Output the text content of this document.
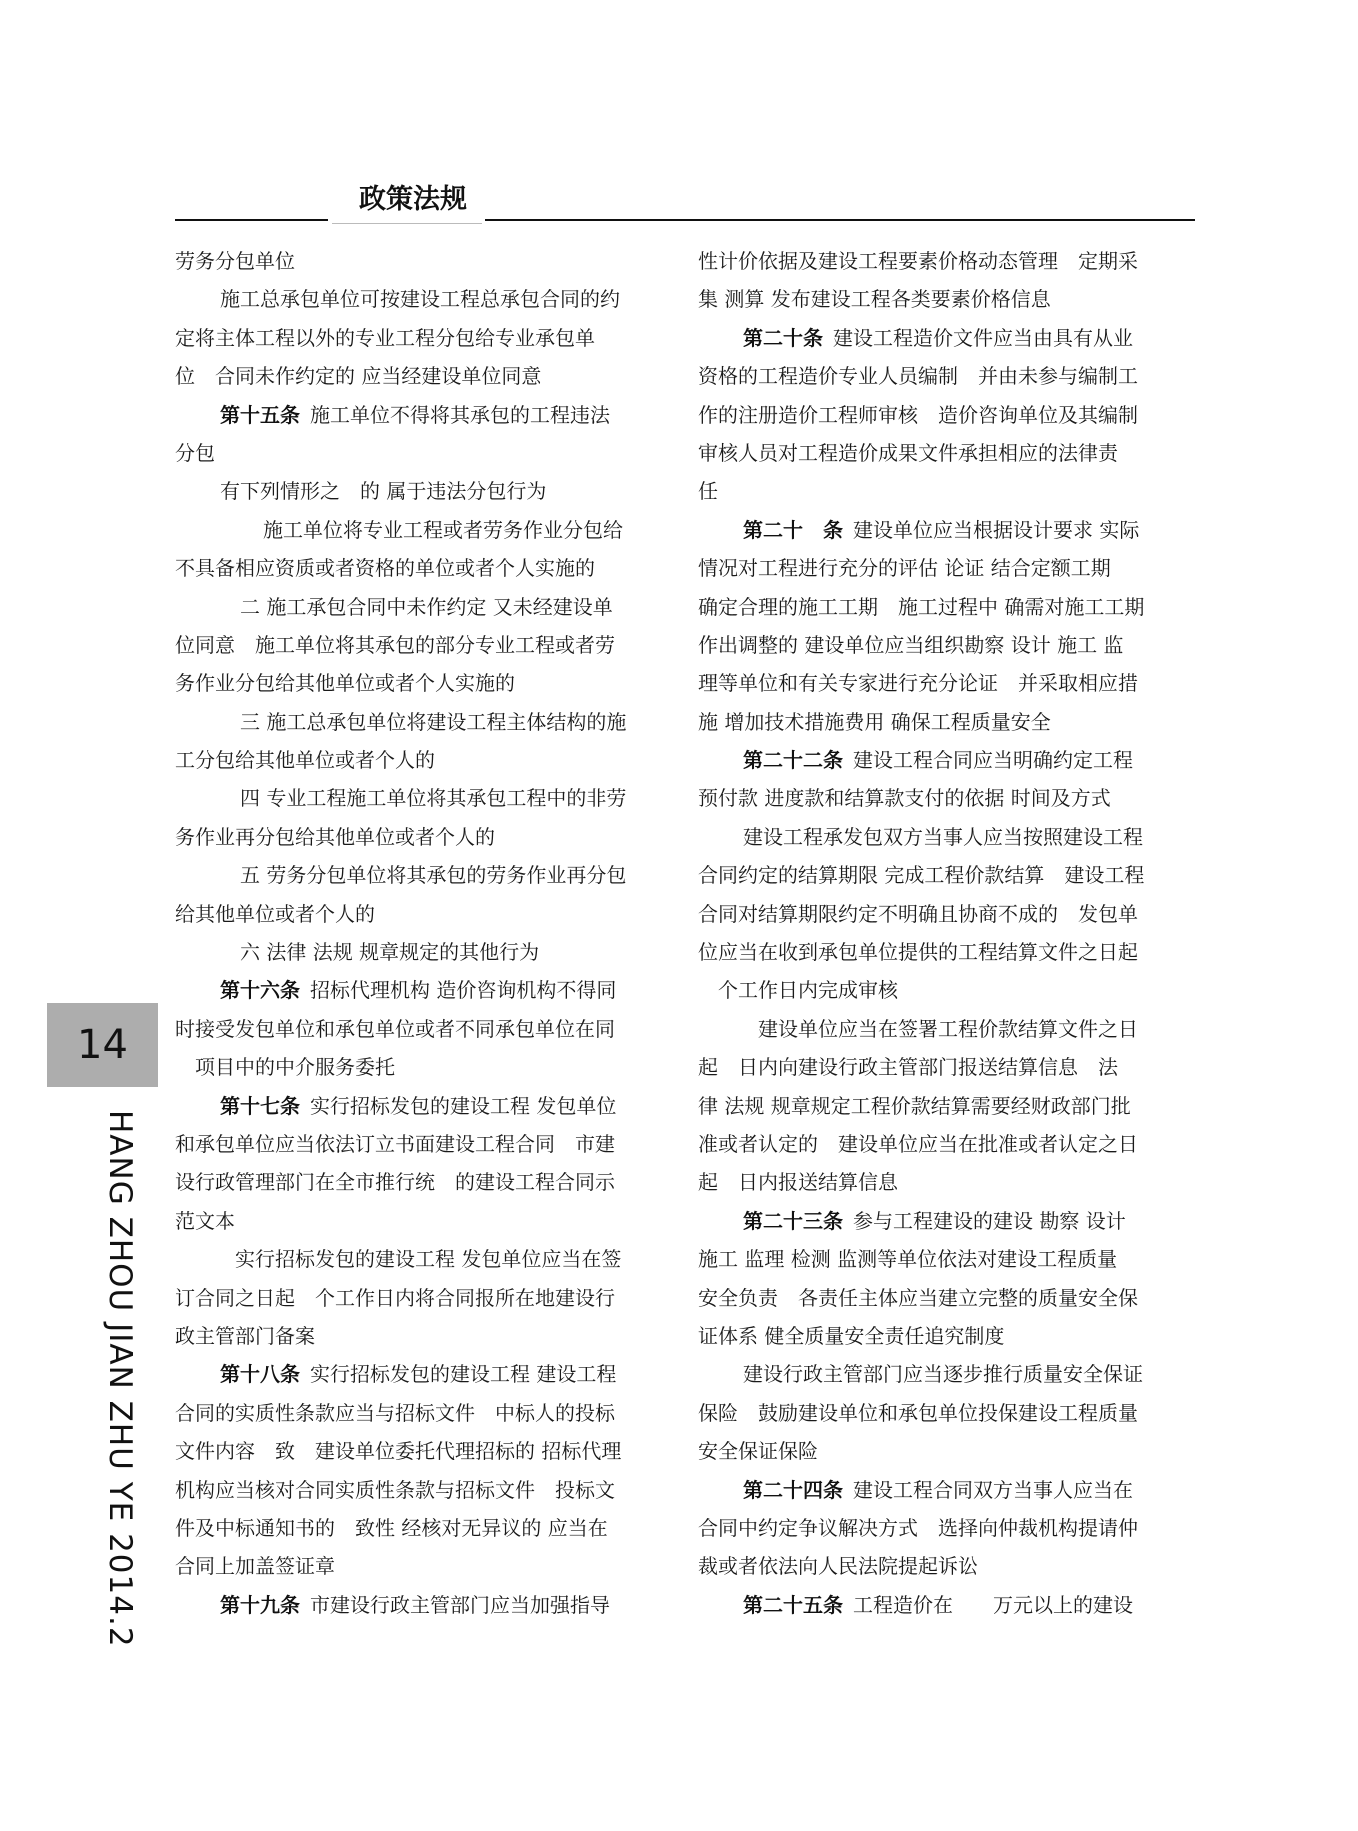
政策法规
14
HANG ZHOU JIAN ZHU YE 2014.2
劳务分包单位
施工总承包单位可按建设工程总承包合同的约
定将主体工程以外的专业工程分包给专业承包单
位　合同未作约定的 应当经建设单位同意
第十五条 施工单位不得将其承包的工程违法
分包
有下列情形之　的 属于违法分包行为
施工单位将专业工程或者劳务作业分包给
不具备相应资质或者资格的单位或者个人实施的
二 施工承包合同中未作约定 又未经建设单
位同意　施工单位将其承包的部分专业工程或者劳
务作业分包给其他单位或者个人实施的
三 施工总承包单位将建设工程主体结构的施
工分包给其他单位或者个人的
四 专业工程施工单位将其承包工程中的非劳
务作业再分包给其他单位或者个人的
五 劳务分包单位将其承包的劳务作业再分包
给其他单位或者个人的
六 法律 法规 规章规定的其他行为
第十六条 招标代理机构 造价咨询机构不得同
时接受发包单位和承包单位或者不同承包单位在同
项目中的中介服务委托
第十七条 实行招标发包的建设工程 发包单位
和承包单位应当依法订立书面建设工程合同　市建
设行政管理部门在全市推行统　的建设工程合同示
范文本
实行招标发包的建设工程 发包单位应当在签
订合同之日起　个工作日内将合同报所在地建设行
政主管部门备案
第十八条 实行招标发包的建设工程 建设工程
合同的实质性条款应当与招标文件　中标人的投标
文件内容　致　建设单位委托代理招标的 招标代理
机构应当核对合同实质性条款与招标文件　投标文
件及中标通知书的　致性 经核对无异议的 应当在
合同上加盖签证章
第十九条 市建设行政主管部门应当加强指导
性计价依据及建设工程要素价格动态管理　定期采
集 测算 发布建设工程各类要素价格信息
第二十条 建设工程造价文件应当由具有从业
资格的工程造价专业人员编制　并由未参与编制工
作的注册造价工程师审核　造价咨询单位及其编制
审核人员对工程造价成果文件承担相应的法律责
任
第二十　条 建设单位应当根据设计要求 实际
情况对工程进行充分的评估 论证 结合定额工期
确定合理的施工工期　施工过程中 确需对施工工期
作出调整的 建设单位应当组织勘察 设计 施工 监
理等单位和有关专家进行充分论证　并采取相应措
施 增加技术措施费用 确保工程质量安全
第二十二条 建设工程合同应当明确约定工程
预付款 进度款和结算款支付的依据 时间及方式
建设工程承发包双方当事人应当按照建设工程
合同约定的结算期限 完成工程价款结算　建设工程
合同对结算期限约定不明确且协商不成的　发包单
位应当在收到承包单位提供的工程结算文件之日起
个工作日内完成审核
建设单位应当在签署工程价款结算文件之日
起　日内向建设行政主管部门报送结算信息　法
律 法规 规章规定工程价款结算需要经财政部门批
准或者认定的　建设单位应当在批准或者认定之日
起　日内报送结算信息
第二十三条 参与工程建设的建设 勘察 设计
施工 监理 检测 监测等单位依法对建设工程质量
安全负责　各责任主体应当建立完整的质量安全保
证体系 健全质量安全责任追究制度
建设行政主管部门应当逐步推行质量安全保证
保险　鼓励建设单位和承包单位投保建设工程质量
安全保证保险
第二十四条 建设工程合同双方当事人应当在
合同中约定争议解决方式　选择向仲裁机构提请仲
裁或者依法向人民法院提起诉讼
第二十五条 工程造价在　　万元以上的建设
